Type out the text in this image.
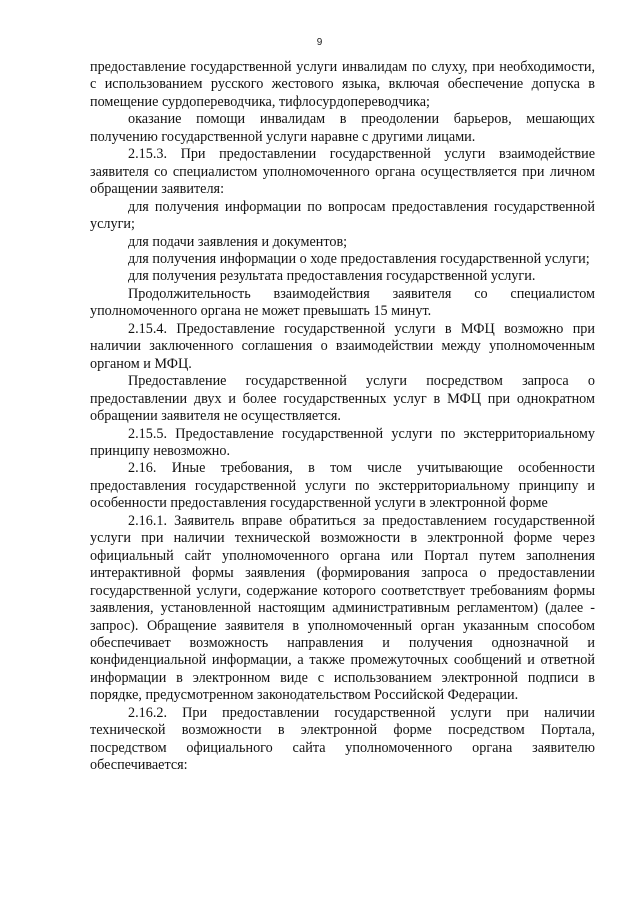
9

предоставление государственной услуги инвалидам по слуху, при необходимости, с использованием русского жестового языка, включая обеспечение допуска в помещение сурдопереводчика, тифлосурдопереводчика;

оказание помощи инвалидам в преодолении барьеров, мешающих получению государственной услуги наравне с другими лицами.

2.15.3. При предоставлении государственной услуги взаимодействие заявителя со специалистом уполномоченного органа осуществляется при личном обращении заявителя:

для получения информации по вопросам предоставления государственной услуги;

для подачи заявления и документов;

для получения информации о ходе предоставления государственной услуги;

для получения результата предоставления государственной услуги.

Продолжительность взаимодействия заявителя со специалистом уполномоченного органа не может превышать 15 минут.

2.15.4. Предоставление государственной услуги в МФЦ возможно при наличии заключенного соглашения о взаимодействии между уполномоченным органом и МФЦ.

Предоставление государственной услуги посредством запроса о предоставлении двух и более государственных услуг в МФЦ при однократном обращении заявителя не осуществляется.

2.15.5. Предоставление государственной услуги по экстерриториальному принципу невозможно.

2.16. Иные требования, в том числе учитывающие особенности предоставления государственной услуги по экстерриториальному принципу и особенности предоставления государственной услуги в электронной форме

2.16.1. Заявитель вправе обратиться за предоставлением государственной услуги при наличии технической возможности в электронной форме через официальный сайт уполномоченного органа или Портал путем заполнения интерактивной формы заявления (формирования запроса о предоставлении государственной услуги, содержание которого соответствует требованиям формы заявления, установленной настоящим административным регламентом) (далее - запрос). Обращение заявителя в уполномоченный орган указанным способом обеспечивает возможность направления и получения однозначной и конфиденциальной информации, а также промежуточных сообщений и ответной информации в электронном виде с использованием электронной подписи в порядке, предусмотренном законодательством Российской Федерации.

2.16.2. При предоставлении государственной услуги при наличии технической возможности в электронной форме посредством Портала, посредством официального сайта уполномоченного органа заявителю обеспечивается:
